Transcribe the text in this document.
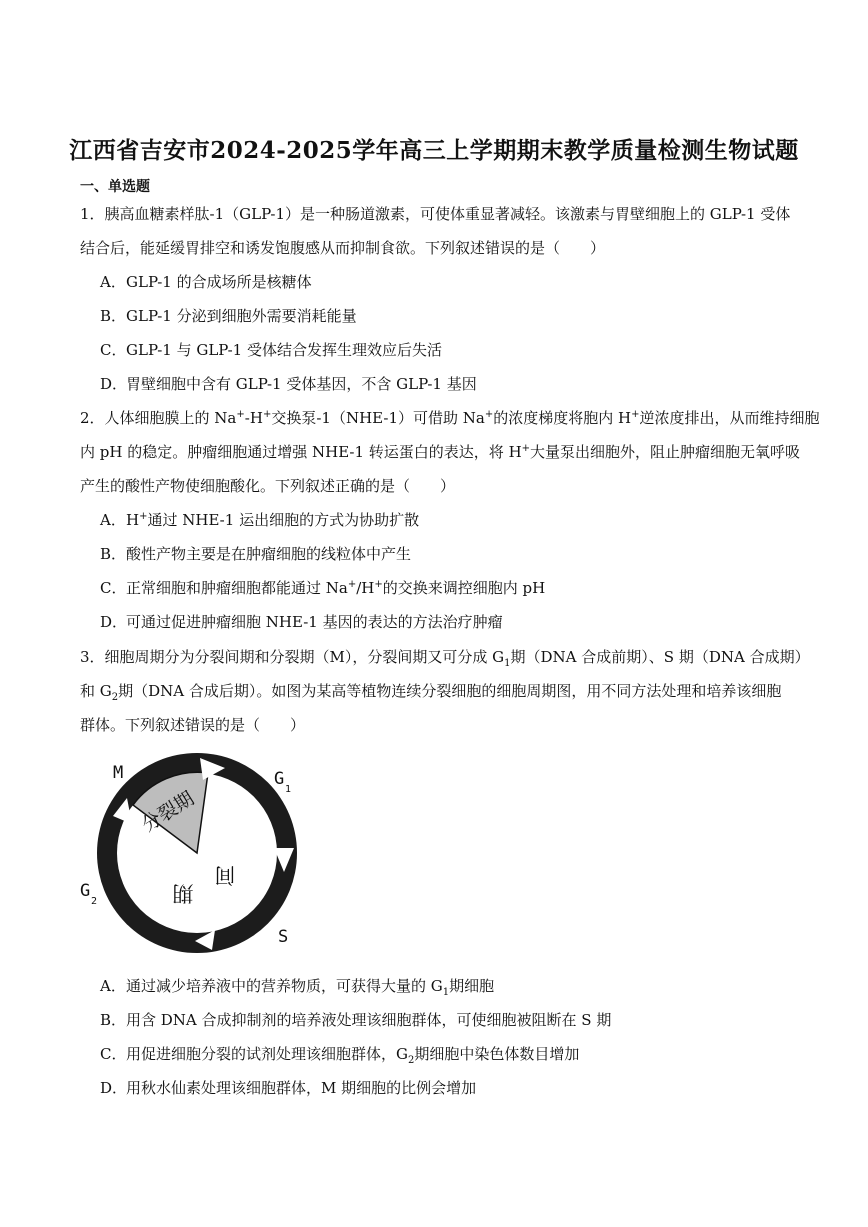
江西省吉安市2024-2025学年高三上学期期末教学质量检测生物试题
一、单选题

1．胰高血糖素样肽-1（GLP-1）是一种肠道激素，可使体重显著减轻。该激素与胃壁细胞上的 GLP-1 受体

结合后，能延缓胃排空和诱发饱腹感从而抑制食欲。下列叙述错误的是（　　）

A．GLP-1 的合成场所是核糖体
B．GLP-1 分泌到细胞外需要消耗能量
C．GLP-1 与 GLP-1 受体结合发挥生理效应后失活
D．胃壁细胞中含有 GLP-1 受体基因，不含 GLP-1 基因

2．人体细胞膜上的 Na+-H+交换泵-1（NHE-1）可借助 Na+的浓度梯度将胞内 H+逆浓度排出，从而维持细胞

内 pH 的稳定。肿瘤细胞通过增强 NHE-1 转运蛋白的表达，将 H+大量泵出细胞外，阻止肿瘤细胞无氧呼吸

产生的酸性产物使细胞酸化。下列叙述正确的是（　　）

A．H+通过 NHE-1 运出细胞的方式为协助扩散
B．酸性产物主要是在肿瘤细胞的线粒体中产生
C．正常细胞和肿瘤细胞都能通过 Na+/H+的交换来调控细胞内 pH
D．可通过促进肿瘤细胞 NHE-1 基因的表达的方法治疗肿瘤

3．细胞周期分为分裂间期和分裂期（M），分裂间期又可分成 $G_1$期（DNA 合成前期）、S 期（DNA 合成期）

和 $G_2$期（DNA 合成后期）。如图为某高等植物连续分裂细胞的细胞周期图，用不同方法处理和培养该细胞

群体。下列叙述错误的是（　　）

分裂期
间
期
M	G
1
G
2
S
A．通过减少培养液中的营养物质，可获得大量的 $G_1$期细胞
B．用含 DNA 合成抑制剂的培养液处理该细胞群体，可使细胞被阻断在 S 期
C．用促进细胞分裂的试剂处理该细胞群体，$G_2$期细胞中染色体数目增加
D．用秋水仙素处理该细胞群体，M 期细胞的比例会增加
